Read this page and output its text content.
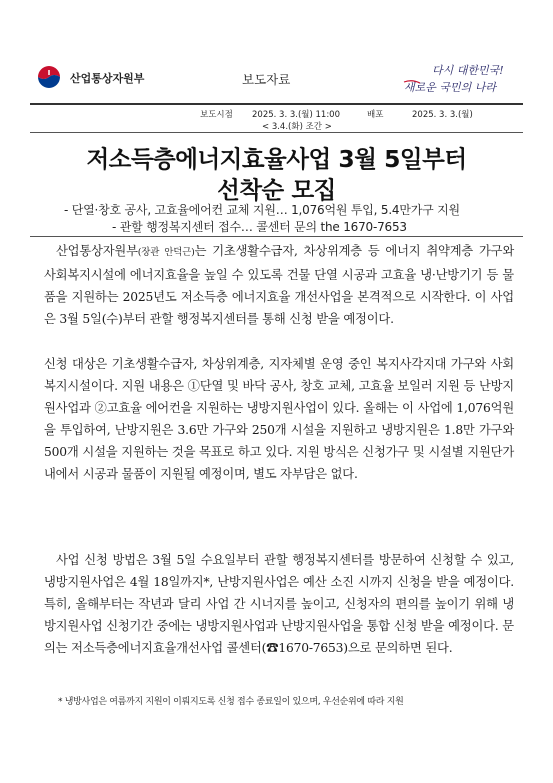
산업통상자원부	보도자료
다시 대한민국!
새로운 국민의 나라
보도시점 2025. 3. 3.(월) 11:00
< 3.4.(화) 조간 >
배포	2025. 3. 3.(월)
저소득층에너지효율사업 3월 5일부터
선착순 모집
- 단열·창호 공사, 고효율에어컨 교체 지원… 1,076억원 투입, 5.4만가구 지원
- 관할 행정복지센터 접수… 콜센터 문의 the 1670-7653

산업통상자원부(장관 안덕근)는 기초생활수급자, 차상위계층 등 에너지 취약계층 가구와 사회복지시설에 에너지효율을 높일 수 있도록 건물 단열 시공과 고효율 냉·난방기기 등 물품을 지원하는 2025년도 저소득층 에너지효율 개선사업을 본격적으로 시작한다. 이 사업은 3월 5일(수)부터 관할 행정복지센터를 통해 신청 받을 예정이다.

신청 대상은 기초생활수급자, 차상위계층, 지자체별 운영 중인 복지사각지대 가구와 사회복지시설이다. 지원 내용은 ①단열 및 바닥 공사, 창호 교체, 고효율 보일러 지원 등 난방지원사업과 ②고효율 에어컨을 지원하는 냉방지원사업이 있다. 올해는 이 사업에 1,076억원을 투입하여, 난방지원은 3.6만 가구와 250개 시설을 지원하고 냉방지원은 1.8만 가구와 500개 시설을 지원하는 것을 목표로 하고 있다. 지원 방식은 신청가구 및 시설별 지원단가 내에서 시공과 물품이 지원될 예정이며, 별도 자부담은 없다.

사업 신청 방법은 3월 5일 수요일부터 관할 행정복지센터를 방문하여 신청할 수 있고, 냉방지원사업은 4월 18일까지*, 난방지원사업은 예산 소진 시까지 신청을 받을 예정이다. 특히, 올해부터는 작년과 달리 사업 간 시너지를 높이고, 신청자의 편의를 높이기 위해 냉방지원사업 신청기간 중에는 냉방지원사업과 난방지원사업을 통합 신청 받을 예정이다. 문의는 저소득층에너지효율개선사업 콜센터(☎1670-7653)으로 문의하면 된다.

* 냉방사업은 여름까지 지원이 이뤄지도록 신청 접수 종료일이 있으며, 우선순위에 따라 지원
